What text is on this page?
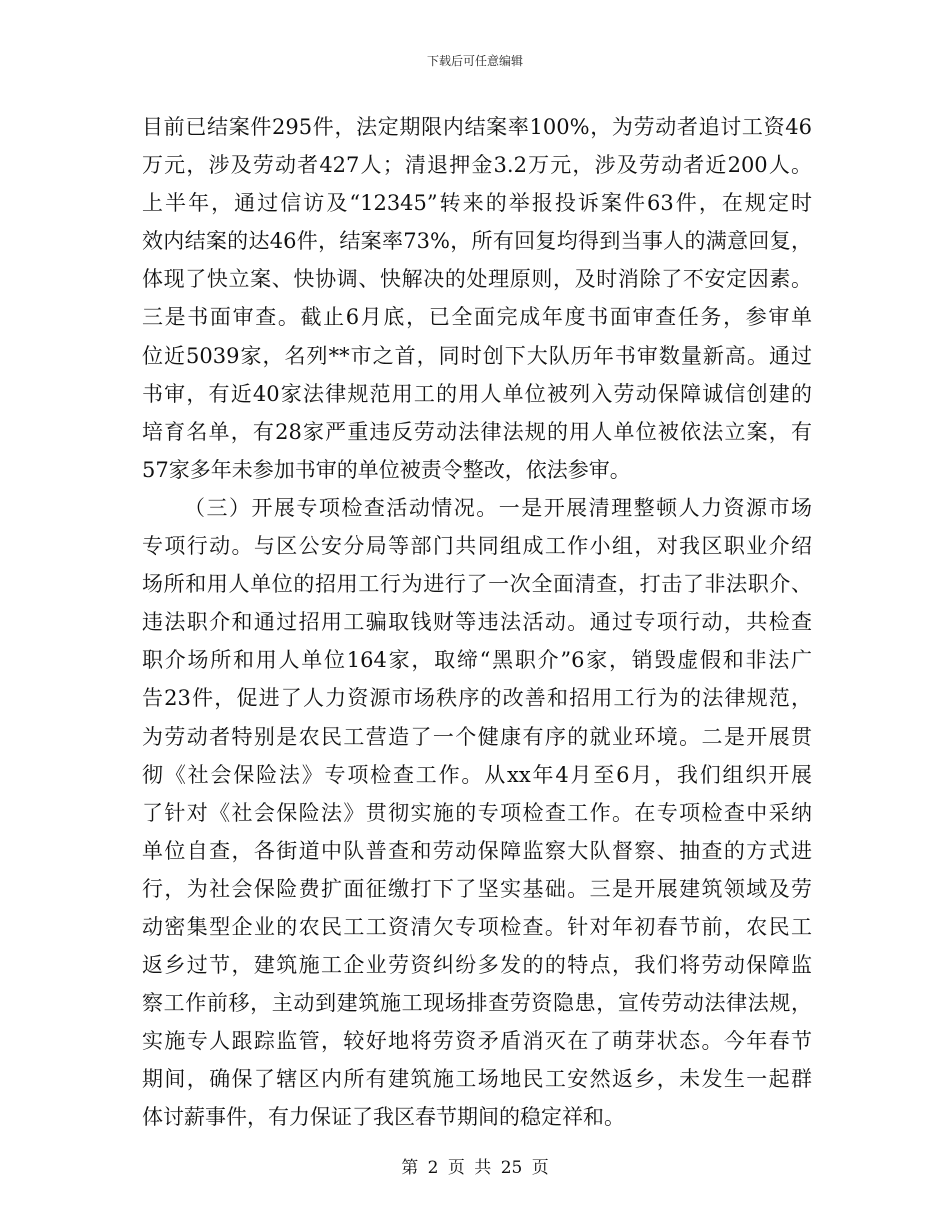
下载后可任意编辑
目前已结案件295件，法定期限内结案率100%，为劳动者追讨工资46
万元，涉及劳动者427人；清退押金3.2万元，涉及劳动者近200人。
上半年，通过信访及“12345”转来的举报投诉案件63件，在规定时
效内结案的达46件，结案率73%，所有回复均得到当事人的满意回复，
体现了快立案、快协调、快解决的处理原则，及时消除了不安定因素。
三是书面审查。截止6月底，已全面完成年度书面审查任务，参审单
位近5039家，名列**市之首，同时创下大队历年书审数量新高。通过
书审，有近40家法律规范用工的用人单位被列入劳动保障诚信创建的
培育名单，有28家严重违反劳动法律法规的用人单位被依法立案，有
57家多年未参加书审的单位被责令整改，依法参审。
（三）开展专项检查活动情况。一是开展清理整顿人力资源市场
专项行动。与区公安分局等部门共同组成工作小组，对我区职业介绍
场所和用人单位的招用工行为进行了一次全面清查，打击了非法职介、
违法职介和通过招用工骗取钱财等违法活动。通过专项行动，共检查
职介场所和用人单位164家，取缔“黑职介”6家，销毁虚假和非法广
告23件，促进了人力资源市场秩序的改善和招用工行为的法律规范，
为劳动者特别是农民工营造了一个健康有序的就业环境。二是开展贯
彻《社会保险法》专项检查工作。从xx年4月至6月，我们组织开展
了针对《社会保险法》贯彻实施的专项检查工作。在专项检查中采纳
单位自查，各街道中队普查和劳动保障监察大队督察、抽查的方式进
行，为社会保险费扩面征缴打下了坚实基础。三是开展建筑领域及劳
动密集型企业的农民工工资清欠专项检查。针对年初春节前，农民工
返乡过节，建筑施工企业劳资纠纷多发的的特点，我们将劳动保障监
察工作前移，主动到建筑施工现场排查劳资隐患，宣传劳动法律法规，
实施专人跟踪监管，较好地将劳资矛盾消灭在了萌芽状态。今年春节
期间，确保了辖区内所有建筑施工场地民工安然返乡，未发生一起群
体讨薪事件，有力保证了我区春节期间的稳定祥和。
第 2 页 共 25 页
